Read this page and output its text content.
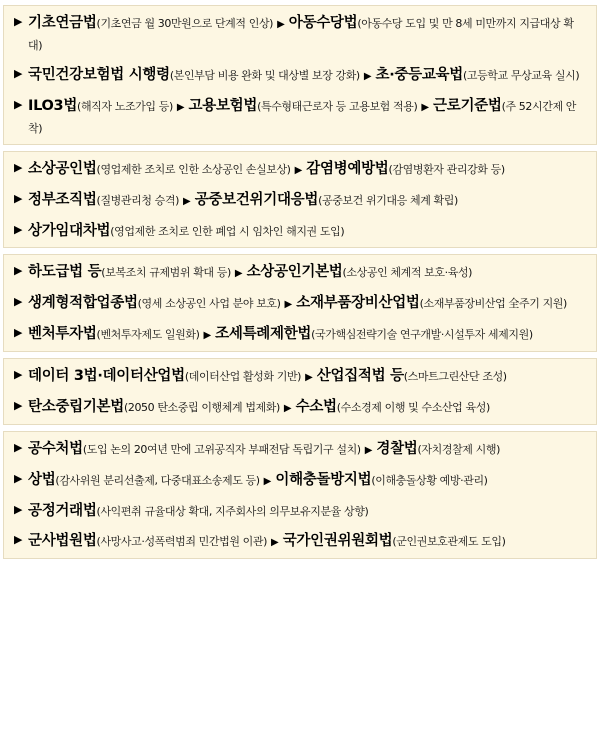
▶ 기초연금법(기초연금 월 30만원으로 단계적 인상) ▶ 아동수당법(아동수당 도입 및 만 8세 미만까지 지급대상 확대)
▶ 국민건강보험법 시행령(본인부담 비용 완화 및 대상별 보장 강화) ▶ 초·중등교육법(고등학교 무상교육 실시)
▶ ILO3법(해직자 노조가입 등) ▶ 고용보험법(특수형태근로자 등 고용보험 적용) ▶ 근로기준법(주 52시간제 안착)
▶ 소상공인법(영업제한 조치로 인한 소상공인 손실보상) ▶ 감염병예방법(감염병환자 관리강화 등)
▶ 정부조직법(질병관리청 승격) ▶ 공중보건위기대응법(공중보건 위기대응 체계 확립)
▶ 상가임대차법(영업제한 조치로 인한 폐업 시 임차인 해지권 도입)
▶ 하도급법 등(보복조치 규제범위 확대 등) ▶ 소상공인기본법(소상공인 체계적 보호·육성)
▶ 생계형적합업종법(영세 소상공인 사업 분야 보호) ▶ 소재부품장비산업법(소재부품장비산업 全주기 지원)
▶ 벤처투자법(벤처투자제도 일원화) ▶ 조세특례제한법(국가핵심전략기술 연구개발·시설투자 세제지원)
▶ 데이터 3법·데이터산업법(데이터산업 활성화 기반) ▶ 산업집적법 등(스마트그린산단 조성)
▶ 탄소중립기본법(2050 탄소중립 이행체계 법제화) ▶ 수소법(수소경제 이행 및 수소산업 육성)
▶ 공수처법(도입 논의 20여년 만에 고위공직자 부패전담 독립기구 설치) ▶ 경찰법(자치경찰제 시행)
▶ 상법(감사위원 분리선출제, 다중대표소송제도 등) ▶ 이해충돌방지법(이해충돌상황 예방·관리)
▶ 공정거래법(사익편취 규율대상 확대, 지주회사의 의무보유지분율 상향)
▶ 군사법원법(사망사고·성폭력범죄 민간법원 이관) ▶ 국가인권위원회법(군인권보호관제도 도입)
